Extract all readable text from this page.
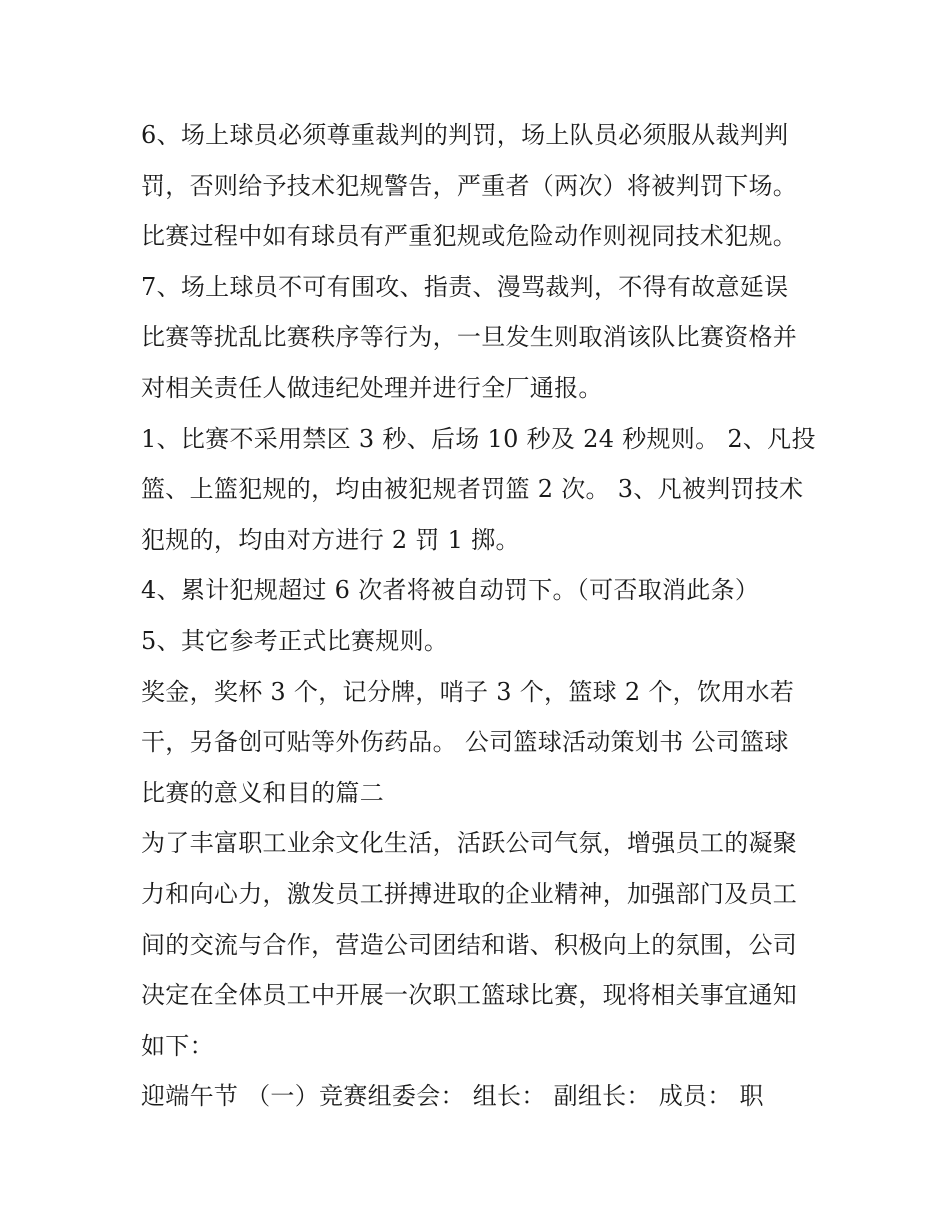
6、场上球员必须尊重裁判的判罚，场上队员必须服从裁判判
罚，否则给予技术犯规警告，严重者（两次）将被判罚下场。
比赛过程中如有球员有严重犯规或危险动作则视同技术犯规。
7、场上球员不可有围攻、指责、漫骂裁判，不得有故意延误
比赛等扰乱比赛秩序等行为，一旦发生则取消该队比赛资格并
对相关责任人做违纪处理并进行全厂通报。
1、比赛不采用禁区 3 秒、后场 10 秒及 24 秒规则。 2、凡投
篮、上篮犯规的，均由被犯规者罚篮 2 次。 3、凡被判罚技术
犯规的，均由对方进行 2 罚 1 掷。
4、累计犯规超过 6 次者将被自动罚下。（可否取消此条）
5、其它参考正式比赛规则。
奖金，奖杯 3 个，记分牌，哨子 3 个，篮球 2 个，饮用水若
干，另备创可贴等外伤药品。 公司篮球活动策划书 公司篮球
比赛的意义和目的篇二
为了丰富职工业余文化生活，活跃公司气氛，增强员工的凝聚
力和向心力，激发员工拼搏进取的企业精神，加强部门及员工
间的交流与合作，营造公司团结和谐、积极向上的氛围，公司
决定在全体员工中开展一次职工篮球比赛，现将相关事宜通知
如下：
迎端午节 （一）竞赛组委会： 组长： 副组长： 成员： 职
